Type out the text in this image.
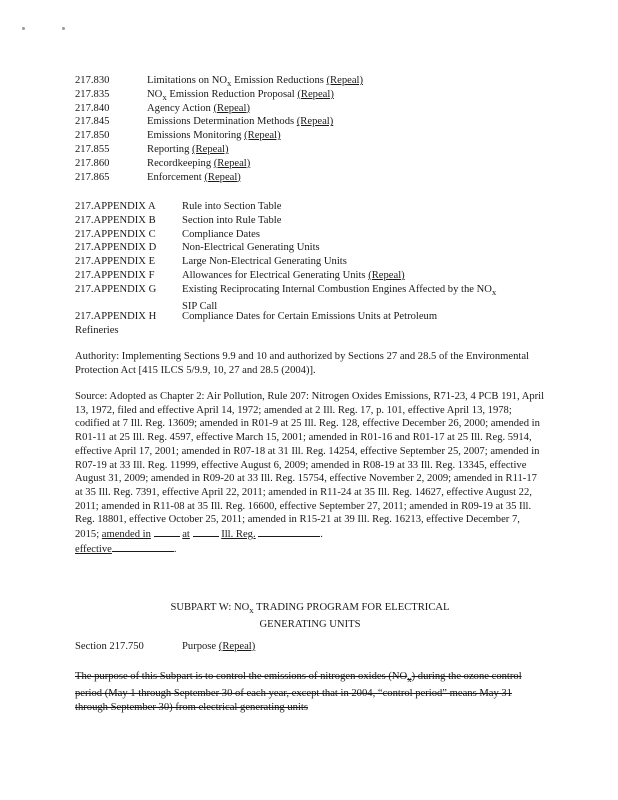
217.830	Limitations on $NO_x$ Emission Reductions (Repeal)
217.835	$NO_x$ Emission Reduction Proposal (Repeal)
217.840	Agency Action (Repeal)
217.845	Emissions Determination Methods (Repeal)
217.850	Emissions Monitoring (Repeal)
217.855	Reporting (Repeal)
217.860	Recordkeeping (Repeal)
217.865	Enforcement (Repeal)
217.APPENDIX A Rule into Section Table
217.APPENDIX B Section into Rule Table
217.APPENDIX C Compliance Dates
217.APPENDIX D Non-Electrical Generating Units
217.APPENDIX E	Large Non-Electrical Generating Units
217.APPENDIX F	Allowances for Electrical Generating Units (Repeal)
217.APPENDIX G Existing Reciprocating Internal Combustion Engines Affected by the $NO_x$ SIP Call
217.APPENDIX H Compliance Dates for Certain Emissions Units at Petroleum
Refineries

Authority: Implementing Sections 9.9 and 10 and authorized by Sections 27 and 28.5 of the Environmental Protection Act [415 ILCS 5/9.9, 10, 27 and 28.5 (2004)].

Source: Adopted as Chapter 2: Air Pollution, Rule 207: Nitrogen Oxides Emissions, R71-23, 4 PCB 191, April 13, 1972, filed and effective April 14, 1972; amended at 2 Ill. Reg. 17, p. 101, effective April 13, 1978; codified at 7 Ill. Reg. 13609; amended in R01-9 at 25 Ill. Reg. 128, effective December 26, 2000; amended in R01-11 at 25 Ill. Reg. 4597, effective March 15, 2001; amended in R01-16 and R01-17 at 25 Ill. Reg. 5914, effective April 17, 2001; amended in R07-18 at 31 Ill. Reg. 14254, effective September 25, 2007; amended in R07-19 at 33 Ill. Reg. 11999, effective August 6, 2009; amended in R08-19 at 33 Ill. Reg. 13345, effective August 31, 2009; amended in R09-20 at 33 Ill. Reg. 15754, effective November 2, 2009; amended in R11-17 at 35 Ill. Reg. 7391, effective April 22, 2011; amended in R11-24 at 35 Ill. Reg. 14627, effective August 22, 2011; amended in R11-08 at 35 Ill. Reg. 16600, effective September 27, 2011; amended in R09-19 at 35 Ill. Reg. 18801, effective October 25, 2011; amended in R15-21 at 39 Ill. Reg. 16213, effective December 7, 2015; amended in	at	Ill. Reg.	.
effective	.

SUBPART W: $NO_x$ TRADING PROGRAM FOR ELECTRICAL
GENERATING UNITS
Section 217.750	Purpose (Repeal)

The purpose of this Subpart is to control the emissions of nitrogen oxides $(NO_x)$ during the ozone control period (May 1 through September 30 of each year, except that in 2004, “control period” means May 31 through September 30) from electrical generating units
